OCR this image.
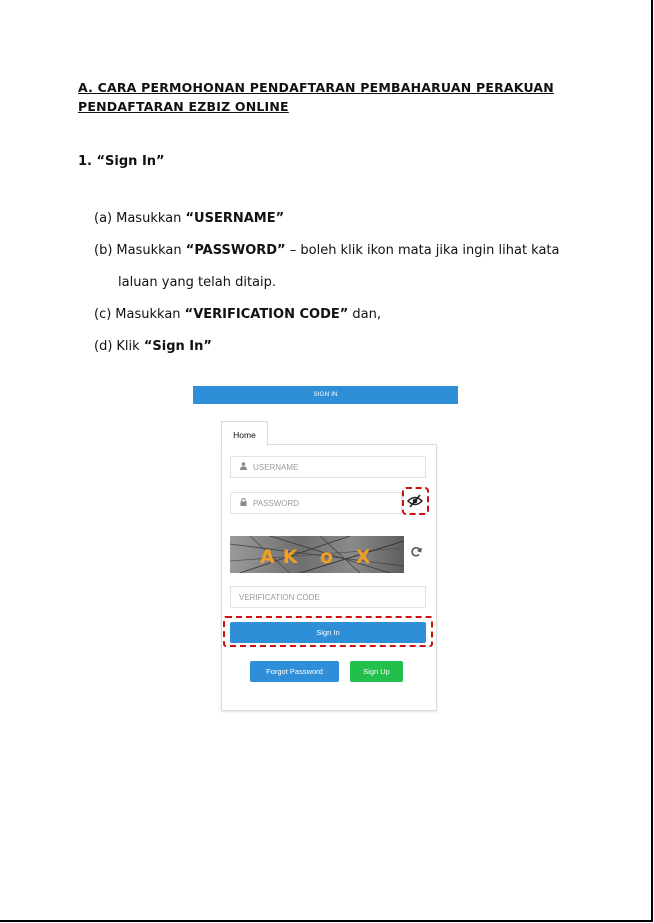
A. CARA PERMOHONAN PENDAFTARAN PEMBAHARUAN PERAKUAN
PENDAFTARAN EZBIZ ONLINE
1. “Sign In”
(a) Masukkan “USERNAME”
(b) Masukkan “PASSWORD” – boleh klik ikon mata jika ingin lihat kata
laluan yang telah ditaip.
(c) Masukkan “VERIFICATION CODE” dan,
(d) Klik “Sign In”
SIGN IN
Home
USERNAME
PASSWORD
AK o X
VERIFICATION CODE
Sign In
Forgot Password	Sign Up
